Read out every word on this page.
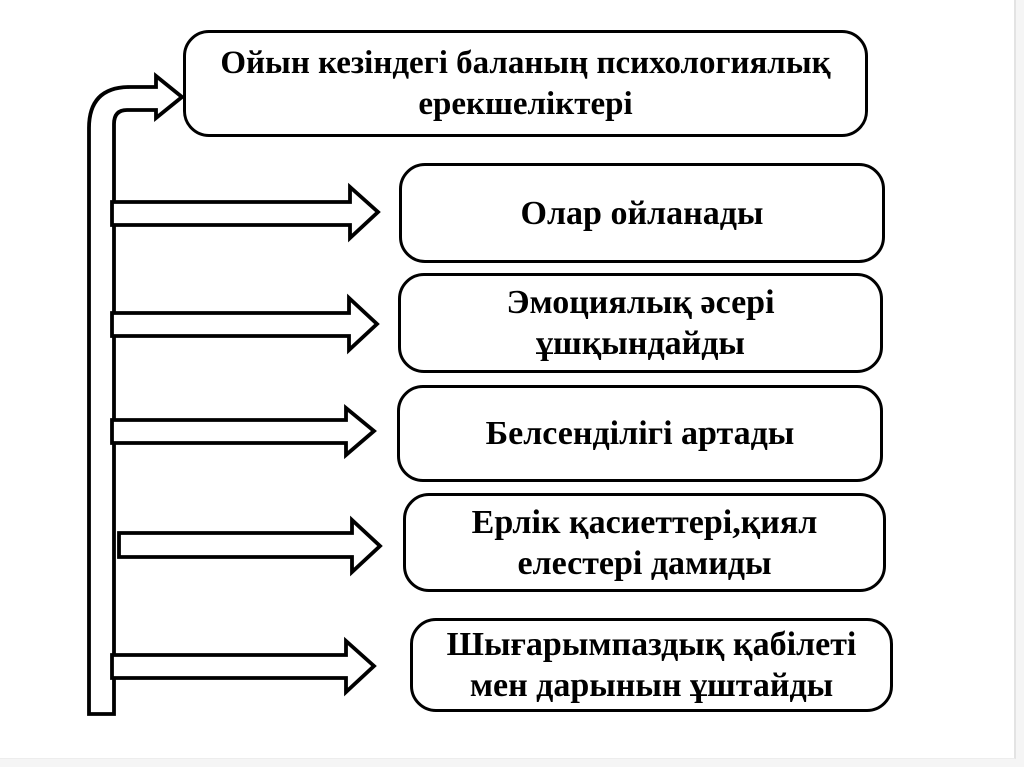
Ойын кезіндегі баланың психологиялық
ерекшеліктері
Олар ойланады
Эмоциялық әсері
ұшқындайды
Белсенділігі артады
Ерлік қасиеттері,қиял
елестері дамиды
Шығарымпаздық қабілеті
мен дарынын ұштайды
